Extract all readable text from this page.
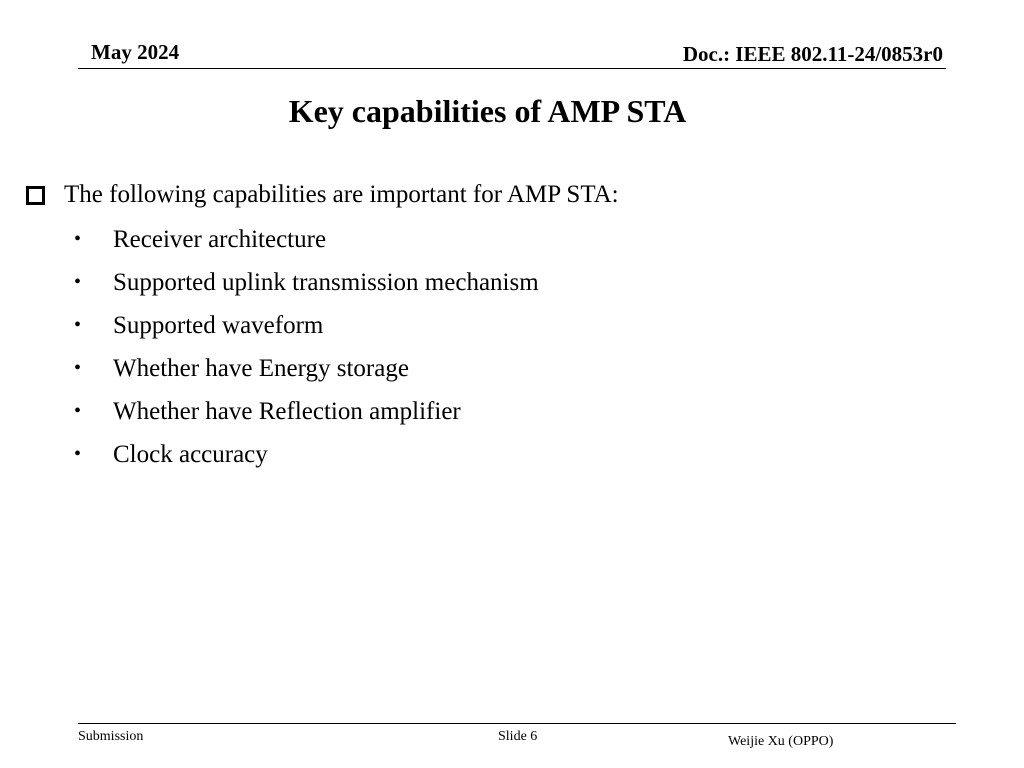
May 2024	Doc.: IEEE 802.11-24/0853r0
Key capabilities of AMP STA
The following capabilities are important for AMP STA:
•	Receiver architecture
•	Supported uplink transmission mechanism
•	Supported waveform
•	Whether have Energy storage
•	Whether have Reflection amplifier
•	Clock accuracy
Submission	Slide 6	Weijie Xu (OPPO)
